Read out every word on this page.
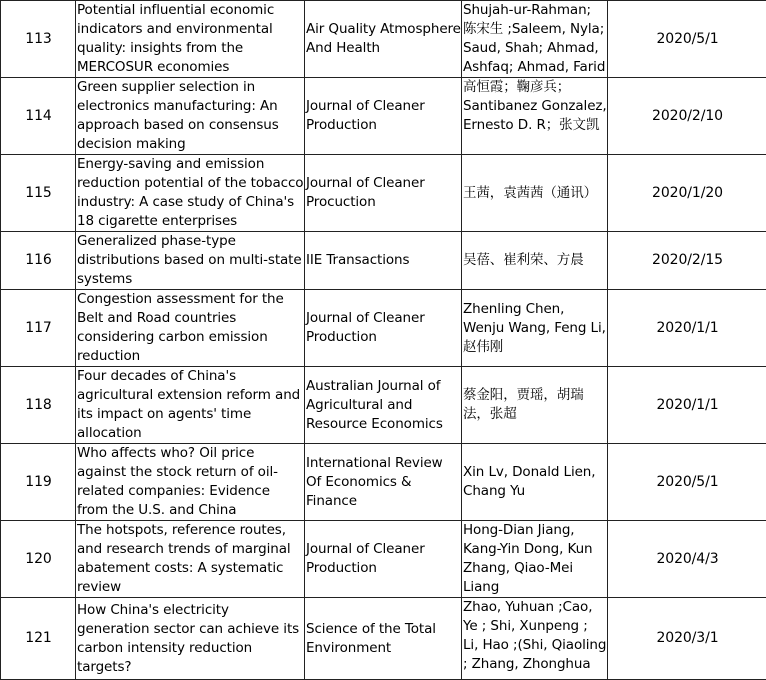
113	Potential influential economic indicators and environmental quality: insights from the MERCOSUR economies	Air Quality Atmosphere And Health	Shujah-ur-Rahman; 陈宋生 ;Saleem, Nyla; Saud, Shah; Ahmad, Ashfaq; Ahmad, Farid	2020/5/1
114	Green supplier selection in electronics manufacturing: An approach based on consensus decision making	Journal of Cleaner Production	高恒霞；鞠彦兵；Santibanez Gonzalez, Ernesto D. R；张文凯	2020/2/10
115	Energy-saving and emission reduction potential of the tobacco industry: A case study of China's 18 cigarette enterprises	Journal of Cleaner Procuction	王茜，袁茜茜（通讯）	2020/1/20
116	Generalized phase-type distributions based on multi-state systems	IIE Transactions	吴蓓、崔利荣、方晨	2020/2/15
117	Congestion assessment for the Belt and Road countries considering carbon emission reduction	Journal of Cleaner Production	Zhenling Chen, Wenju Wang, Feng Li, 赵伟刚	2020/1/1
118	Four decades of China's agricultural extension reform and its impact on agents' time allocation	Australian Journal of Agricultural and Resource Economics	蔡金阳，贾瑶，胡瑞法，张超	2020/1/1
119	Who affects who? Oil price against the stock return of oil-related companies: Evidence from the U.S. and China	International Review Of Economics & Finance	Xin Lv, Donald Lien, Chang Yu	2020/5/1
120	The hotspots, reference routes, and research trends of marginal abatement costs: A systematic review	Journal of Cleaner Production	Hong-Dian Jiang, Kang-Yin Dong, Kun Zhang, Qiao-Mei Liang	2020/4/3
121	How China's electricity generation sector can achieve its carbon intensity reduction targets?	Science of the Total Environment	Zhao, Yuhuan ;Cao, Ye ; Shi, Xunpeng ; Li, Hao ;(Shi, Qiaoling ; Zhang, Zhonghua	2020/3/1
